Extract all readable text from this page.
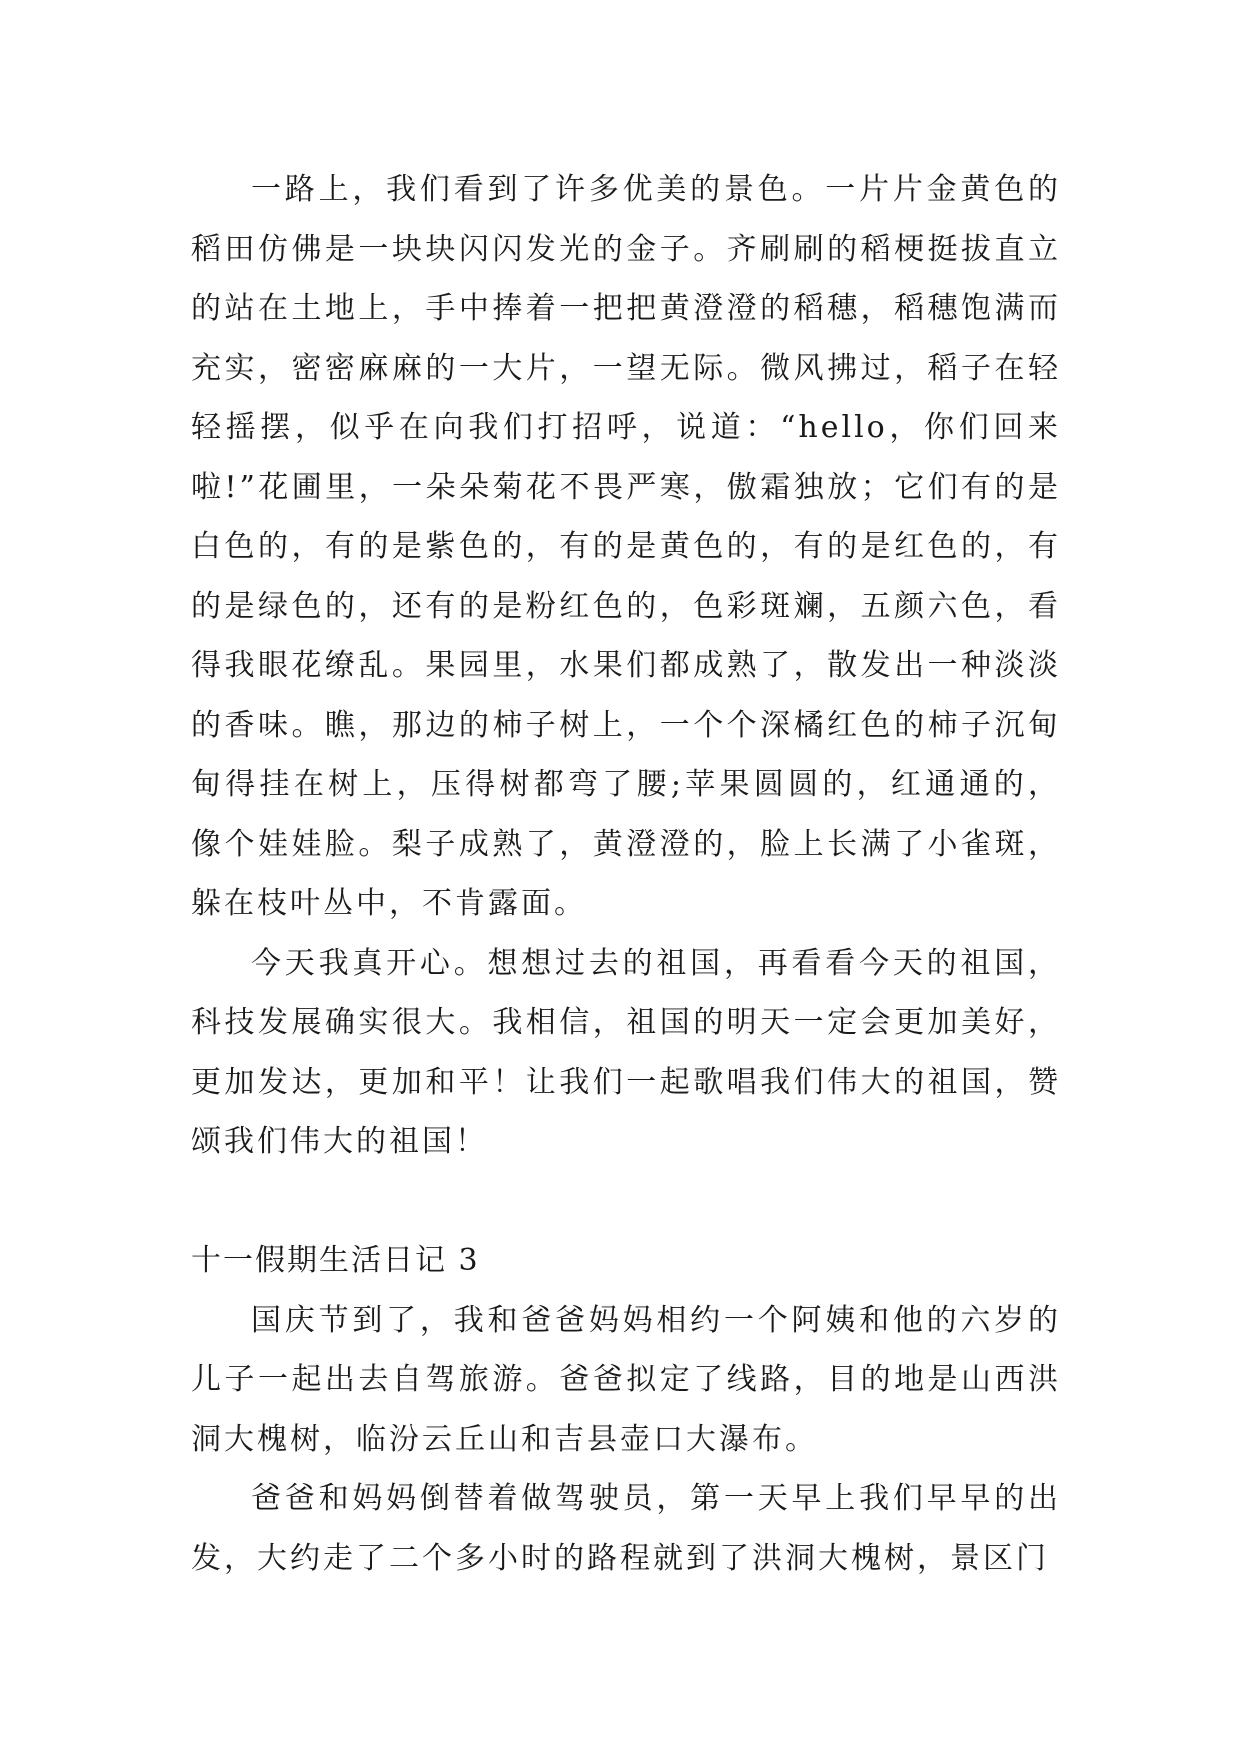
一路上，我们看到了许多优美的景色。一片片金黄色的稻田仿佛是一块块闪闪发光的金子。齐刷刷的稻梗挺拔直立的站在土地上，手中捧着一把把黄澄澄的稻穗，稻穗饱满而充实，密密麻麻的一大片，一望无际。微风拂过，稻子在轻轻摇摆，似乎在向我们打招呼，说道：“hello，你们回来啦!”花圃里，一朵朵菊花不畏严寒，傲霜独放；它们有的是白色的，有的是紫色的，有的是黄色的，有的是红色的，有的是绿色的，还有的是粉红色的，色彩斑斓，五颜六色，看得我眼花缭乱。果园里，水果们都成熟了，散发出一种淡淡的香味。瞧，那边的柿子树上，一个个深橘红色的柿子沉甸甸得挂在树上，压得树都弯了腰;苹果圆圆的，红通通的，像个娃娃脸。梨子成熟了，黄澄澄的，脸上长满了小雀斑，躲在枝叶丛中，不肯露面。

今天我真开心。想想过去的祖国，再看看今天的祖国，科技发展确实很大。我相信，祖国的明天一定会更加美好，更加发达，更加和平！让我们一起歌唱我们伟大的祖国，赞颂我们伟大的祖国！

十一假期生活日记 3

国庆节到了，我和爸爸妈妈相约一个阿姨和他的六岁的儿子一起出去自驾旅游。爸爸拟定了线路，目的地是山西洪洞大槐树，临汾云丘山和吉县壶口大瀑布。

爸爸和妈妈倒替着做驾驶员，第一天早上我们早早的出发，大约走了二个多小时的路程就到了洪洞大槐树，景区门
